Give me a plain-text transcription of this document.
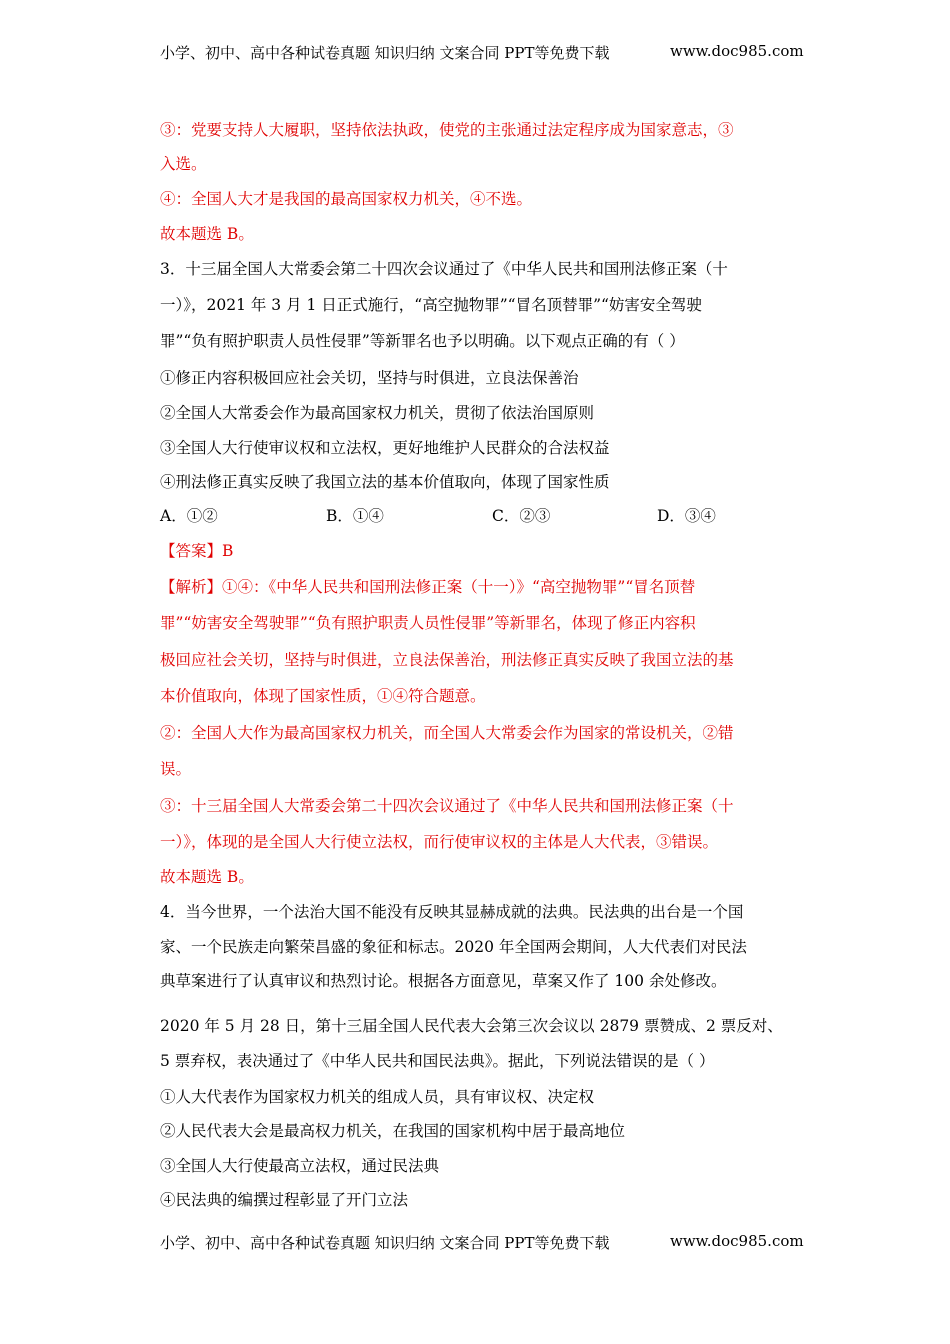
小学、初中、高中各种试卷真题 知识归纳 文案合同 PPT等免费下载	www.doc985.com
③：党要支持人大履职，坚持依法执政，使党的主张通过法定程序成为国家意志，③
入选。
④：全国人大才是我国的最高国家权力机关，④不选。
故本题选 B。
3．十三届全国人大常委会第二十四次会议通过了《中华人民共和国刑法修正案（十
一）》，2021 年 3 月 1 日正式施行，“高空抛物罪”“冒名顶替罪”“妨害安全驾驶
罪”“负有照护职责人员性侵罪”等新罪名也予以明确。以下观点正确的有（ ）
①修正内容积极回应社会关切，坚持与时俱进，立良法保善治
②全国人大常委会作为最高国家权力机关，贯彻了依法治国原则
③全国人大行使审议权和立法权，更好地维护人民群众的合法权益
④刑法修正真实反映了我国立法的基本价值取向，体现了国家性质
A．①②	B．①④	C．②③	D．③④
【答案】B
【解析】①④：《中华人民共和国刑法修正案（十一）》“高空抛物罪”“冒名顶替
罪”“妨害安全驾驶罪”“负有照护职责人员性侵罪”等新罪名，体现了修正内容积
极回应社会关切，坚持与时俱进，立良法保善治，刑法修正真实反映了我国立法的基
本价值取向，体现了国家性质，①④符合题意。
②：全国人大作为最高国家权力机关，而全国人大常委会作为国家的常设机关，②错
误。
③：十三届全国人大常委会第二十四次会议通过了《中华人民共和国刑法修正案（十
一）》，体现的是全国人大行使立法权，而行使审议权的主体是人大代表，③错误。
故本题选 B。
4．当今世界，一个法治大国不能没有反映其显赫成就的法典。民法典的出台是一个国
家、一个民族走向繁荣昌盛的象征和标志。2020 年全国两会期间，人大代表们对民法
典草案进行了认真审议和热烈讨论。根据各方面意见，草案又作了 100 余处修改。
2020 年 5 月 28 日，第十三届全国人民代表大会第三次会议以 2879 票赞成、2 票反对、
5 票弃权，表决通过了《中华人民共和国民法典》。据此，下列说法错误的是（ ）
①人大代表作为国家权力机关的组成人员，具有审议权、决定权
②人民代表大会是最高权力机关，在我国的国家机构中居于最高地位
③全国人大行使最高立法权，通过民法典
④民法典的编撰过程彰显了开门立法
小学、初中、高中各种试卷真题 知识归纳 文案合同 PPT等免费下载	www.doc985.com
